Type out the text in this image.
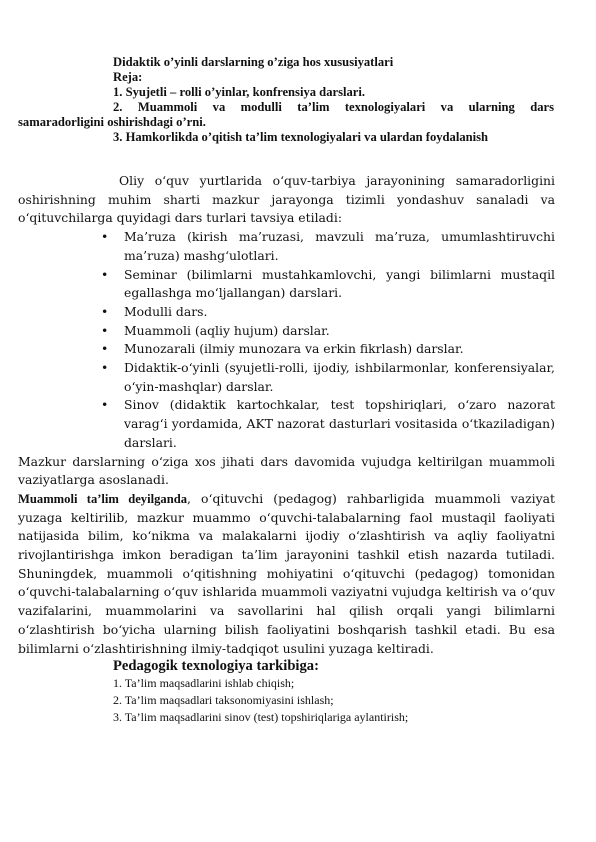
Didaktik o’yinli darslarning o’ziga hos xususiyatlari
Reja:
1. Syujetli – rolli o’yinlar, konfrensiya darslari.
2. Muammoli va modulli ta’lim texnologiyalari va ularning dars
samaradorligini oshirishdagi o’rni.
3. Hamkorlikda o’qitish ta’lim texnologiyalari va ulardan foydalanish
Oliy o‘quv yurtlarida o‘quv-tarbiya jarayonining samaradorligini
oshirishning muhim sharti mazkur jarayonga tizimli yondashuv sanaladi va o‘qituvchilarga quyidagi dars turlari tavsiya etiladi:
• Ma’ruza (kirish ma’ruzasi, mavzuli ma’ruza, umumlashtiruvchi ma’ruza) mashg‘ulotlari.
• Seminar (bilimlarni mustahkamlovchi, yangi bilimlarni mustaqil egallashga mo‘ljallangan) darslari.
• Modulli dars.
• Muammoli (aqliy hujum) darslar.
• Munozarali (ilmiy munozara va erkin fikrlash) darslar.
• Didaktik-o‘yinli (syujetli-rolli, ijodiy, ishbilarmonlar, konferensiyalar, o‘yin-mashqlar) darslar.
• Sinov (didaktik kartochkalar, test topshiriqlari, o‘zaro nazorat varag‘i yordamida, AKT nazorat dasturlari vositasida o‘tkaziladigan) darslari.
Mazkur darslarning o‘ziga xos jihati dars davomida vujudga keltirilgan muammoli vaziyatlarga asoslanadi.
Muammoli ta’lim deyilganda, o‘qituvchi (pedagog) rahbarligida muammoli vaziyat yuzaga keltirilib, mazkur muammo o‘quvchi-talabalarning faol mustaqil faoliyati natijasida bilim, ko‘nikma va malakalarni ijodiy o‘zlashtirish va aqliy faoliyatni rivojlantirishga imkon beradigan ta’lim jarayonini tashkil etish nazarda tutiladi. Shuningdek, muammoli o‘qitishning mohiyatini o‘qituvchi (pedagog) tomonidan o‘quvchi-talabalarning o‘quv ishlarida muammoli vaziyatni vujudga keltirish va o‘quv vazifalarini, muammolarini va savollarini hal qilish orqali yangi bilimlarni o‘zlashtirish bo‘yicha ularning bilish faoliyatini boshqarish tashkil etadi. Bu esa bilimlarni o‘zlashtirishning ilmiy-tadqiqot usulini yuzaga keltiradi.
Pedagogik texnologiya tarkibiga:
1. Ta’lim maqsadlarini ishlab chiqish;
2. Ta’lim maqsadlari taksonomiyasini ishlash;
3. Ta’lim maqsadlarini sinov (test) topshiriqlariga aylantirish;
